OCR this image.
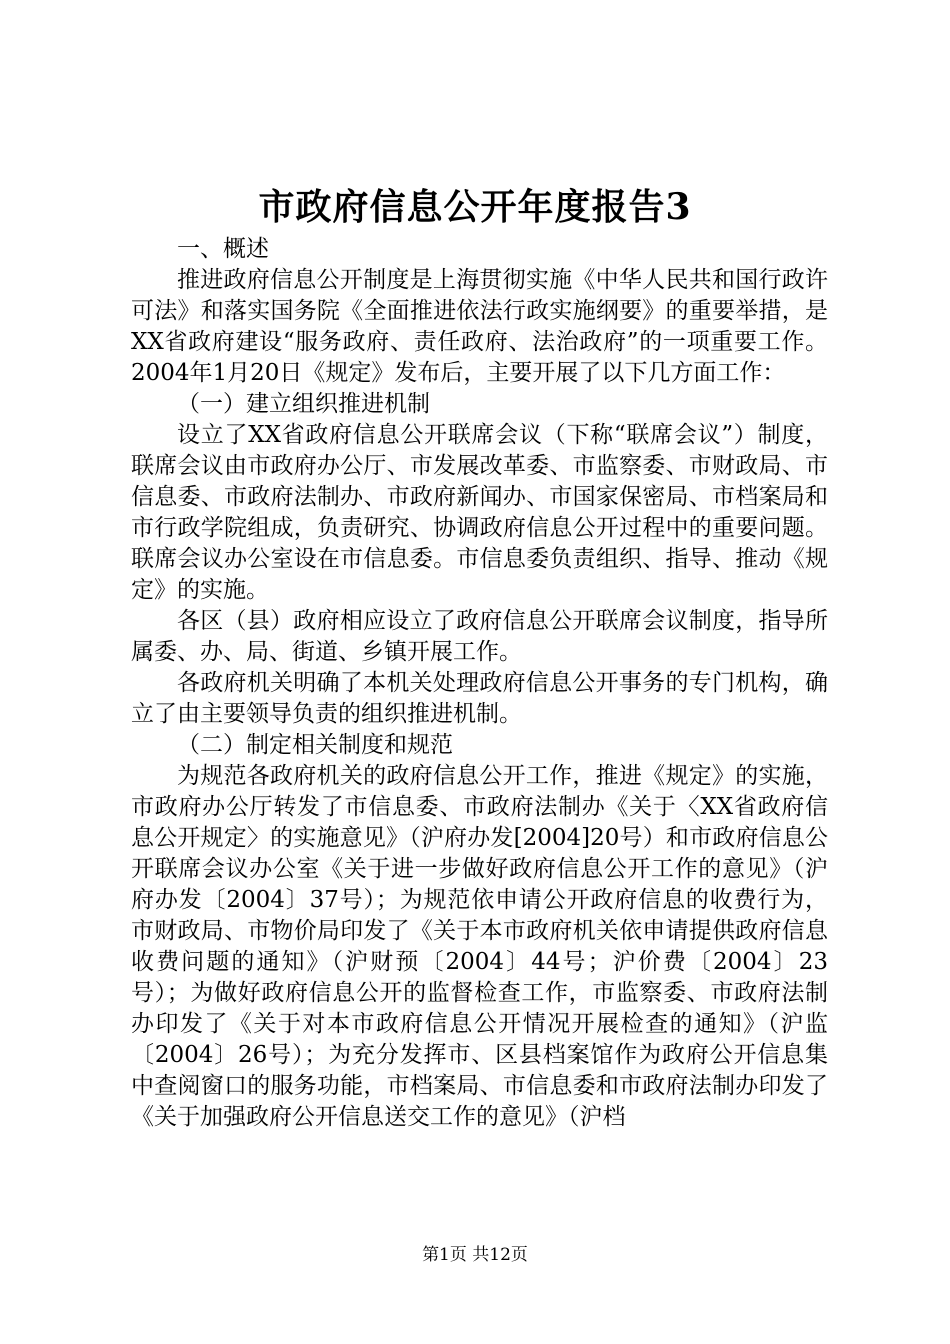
市政府信息公开年度报告3

一、概述

推进政府信息公开制度是上海贯彻实施《中华人民共和国行政许可法》和落实国务院《全面推进依法行政实施纲要》的重要举措，是XX省政府建设“服务政府、责任政府、法治政府”的一项重要工作。2004年1月20日《规定》发布后，主要开展了以下几方面工作：

（一）建立组织推进机制

设立了XX省政府信息公开联席会议（下称“联席会议”）制度，联席会议由市政府办公厅、市发展改革委、市监察委、市财政局、市信息委、市政府法制办、市政府新闻办、市国家保密局、市档案局和市行政学院组成，负责研究、协调政府信息公开过程中的重要问题。联席会议办公室设在市信息委。市信息委负责组织、指导、推动《规定》的实施。

各区（县）政府相应设立了政府信息公开联席会议制度，指导所属委、办、局、街道、乡镇开展工作。

各政府机关明确了本机关处理政府信息公开事务的专门机构，确立了由主要领导负责的组织推进机制。

（二）制定相关制度和规范

为规范各政府机关的政府信息公开工作，推进《规定》的实施，市政府办公厅转发了市信息委、市政府法制办《关于〈XX省政府信息公开规定〉的实施意见》（沪府办发[2004]20号）和市政府信息公开联席会议办公室《关于进一步做好政府信息公开工作的意见》（沪府办发〔2004〕37号）；为规范依申请公开政府信息的收费行为，市财政局、市物价局印发了《关于本市政府机关依申请提供政府信息收费问题的通知》（沪财预〔2004〕44号；沪价费〔2004〕23号）；为做好政府信息公开的监督检查工作，市监察委、市政府法制办印发了《关于对本市政府信息公开情况开展检查的通知》（沪监〔2004〕26号）；为充分发挥市、区县档案馆作为政府公开信息集中查阅窗口的服务功能，市档案局、市信息委和市政府法制办印发了《关于加强政府公开信息送交工作的意见》（沪档

第1页 共12页
